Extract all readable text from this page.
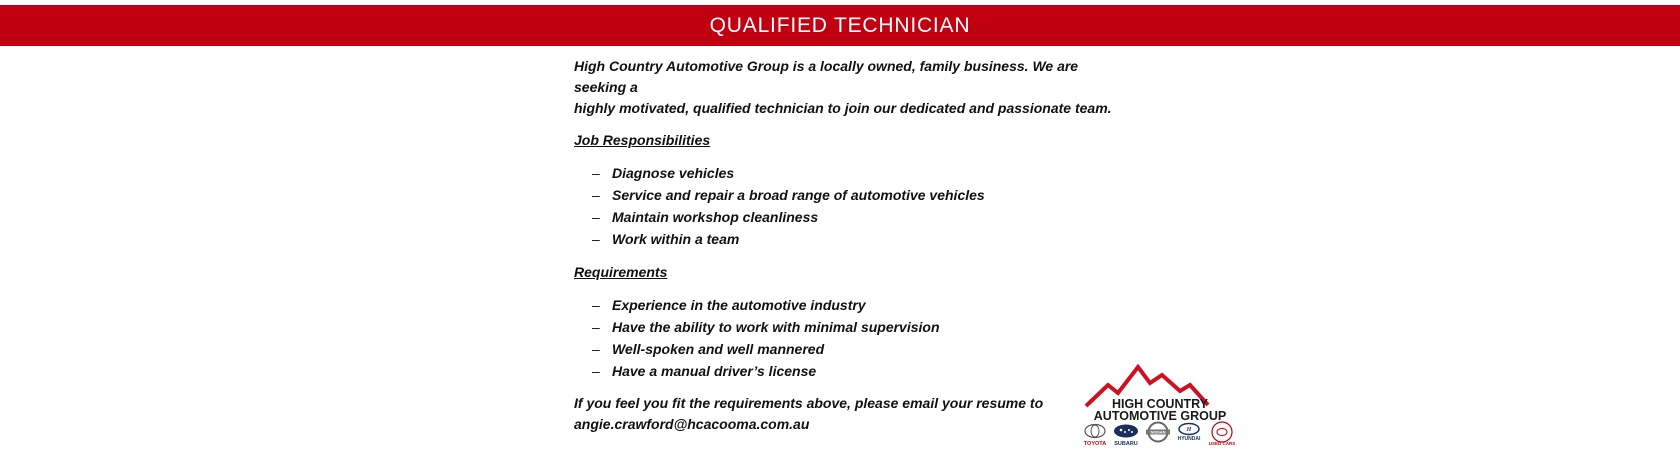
QUALIFIED TECHNICIAN

High Country Automotive Group is a locally owned, family business. We are seeking a
highly motivated, qualified technician to join our dedicated and passionate team.

Job Responsibilities

– Diagnose vehicles
– Service and repair a broad range of automotive vehicles
– Maintain workshop cleanliness
– Work within a team

Requirements

– Experience in the automotive industry
– Have the ability to work with minimal supervision
– Well-spoken and well mannered
– Have a manual driver’s license

If you feel you fit the requirements above, please email your resume to
angie.crawford@hcacooma.com.au

HIGH COUNTRY
AUTOMOTIVE GROUP
TOYOTA SUBARU
NISSAN	H
HYUNDAI
USED CARS
